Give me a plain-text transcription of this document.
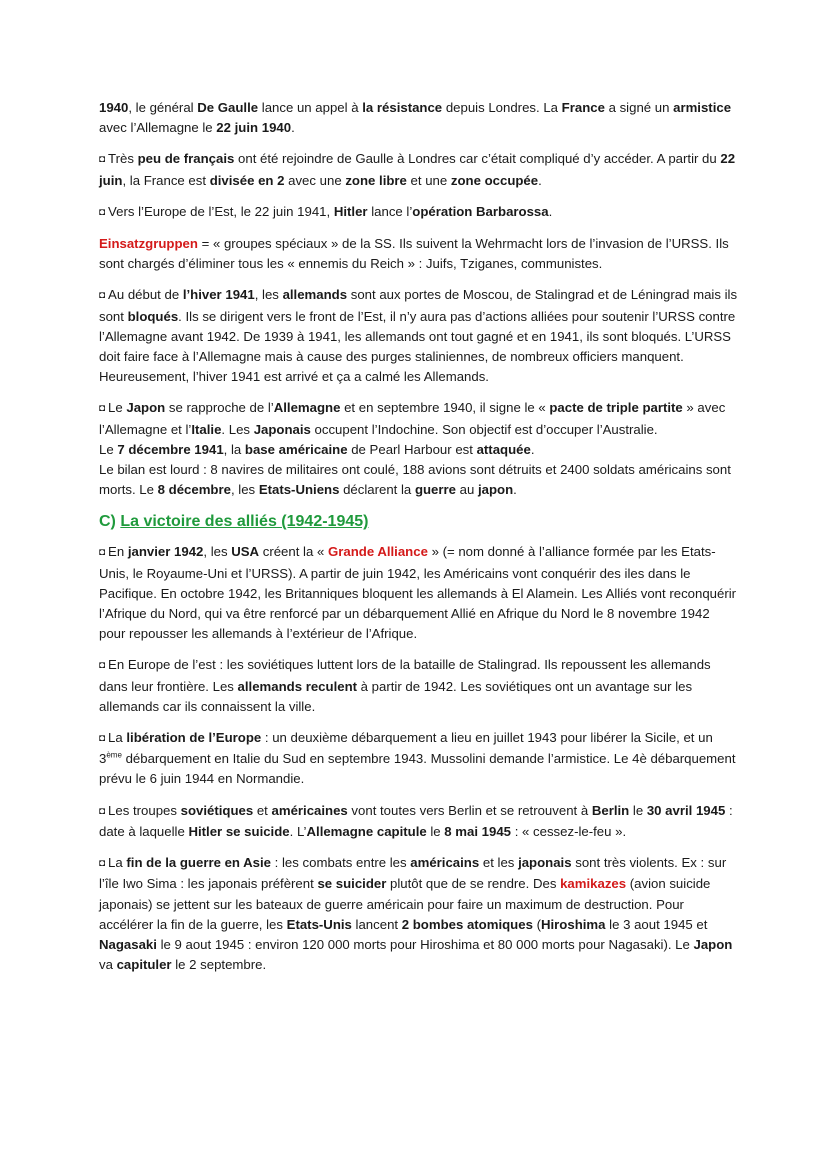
1940, le général De Gaulle lance un appel à la résistance depuis Londres. La France a signé un armistice avec l’Allemagne le 22 juin 1940.

◘ Très peu de français ont été rejoindre de Gaulle à Londres car c’était compliqué d’y accéder. A partir du 22 juin, la France est divisée en 2 avec une zone libre et une zone occupée.

◘ Vers l’Europe de l’Est, le 22 juin 1941, Hitler lance l’opération Barbarossa.

Einsatzgruppen = « groupes spéciaux » de la SS. Ils suivent la Wehrmacht lors de l’invasion de l’URSS. Ils sont chargés d’éliminer tous les « ennemis du Reich » : Juifs, Tziganes, communistes.

◘ Au début de l’hiver 1941, les allemands sont aux portes de Moscou, de Stalingrad et de Léningrad mais ils sont bloqués. Ils se dirigent vers le front de l’Est, il n’y aura pas d’actions alliées pour soutenir l’URSS contre l’Allemagne avant 1942. De 1939 à 1941, les allemands ont tout gagné et en 1941, ils sont bloqués. L’URSS doit faire face à l’Allemagne mais à cause des purges staliniennes, de nombreux officiers manquent. Heureusement, l’hiver 1941 est arrivé et ça a calmé les Allemands.

◘ Le Japon se rapproche de l’Allemagne et en septembre 1940, il signe le « pacte de triple partite » avec l’Allemagne et l’Italie. Les Japonais occupent l’Indochine. Son objectif est d’occuper l’Australie.
Le 7 décembre 1941, la base américaine de Pearl Harbour est attaquée.
Le bilan est lourd : 8 navires de militaires ont coulé, 188 avions sont détruits et 2400 soldats américains sont morts. Le 8 décembre, les Etats-Uniens déclarent la guerre au japon.

C) La victoire des alliés (1942-1945)

◘ En janvier 1942, les USA créent la « Grande Alliance » (= nom donné à l’alliance formée par les Etats-Unis, le Royaume-Uni et l’URSS). A partir de juin 1942, les Américains vont conquérir des iles dans le Pacifique. En octobre 1942, les Britanniques bloquent les allemands à El Alamein. Les Alliés vont reconquérir l’Afrique du Nord, qui va être renforcé par un débarquement Allié en Afrique du Nord le 8 novembre 1942 pour repousser les allemands à l’extérieur de l’Afrique.

◘ En Europe de l’est : les soviétiques luttent lors de la bataille de Stalingrad. Ils repoussent les allemands dans leur frontière. Les allemands reculent à partir de 1942. Les soviétiques ont un avantage sur les allemands car ils connaissent la ville.

◘ La libération de l’Europe : un deuxième débarquement a lieu en juillet 1943 pour libérer la Sicile, et un 3ème débarquement en Italie du Sud en septembre 1943. Mussolini demande l’armistice. Le 4è débarquement prévu le 6 juin 1944 en Normandie.

◘ Les troupes soviétiques et américaines vont toutes vers Berlin et se retrouvent à Berlin le 30 avril 1945 : date à laquelle Hitler se suicide. L’Allemagne capitule le 8 mai 1945 : « cessez-le-feu ».

◘ La fin de la guerre en Asie : les combats entre les américains et les japonais sont très violents. Ex : sur l’île Iwo Sima : les japonais préfèrent se suicider plutôt que de se rendre. Des kamikazes (avion suicide japonais) se jettent sur les bateaux de guerre américain pour faire un maximum de destruction. Pour accélérer la fin de la guerre, les Etats-Unis lancent 2 bombes atomiques (Hiroshima le 3 aout 1945 et Nagasaki le 9 aout 1945 : environ 120 000 morts pour Hiroshima et 80 000 morts pour Nagasaki). Le Japon va capituler le 2 septembre.
